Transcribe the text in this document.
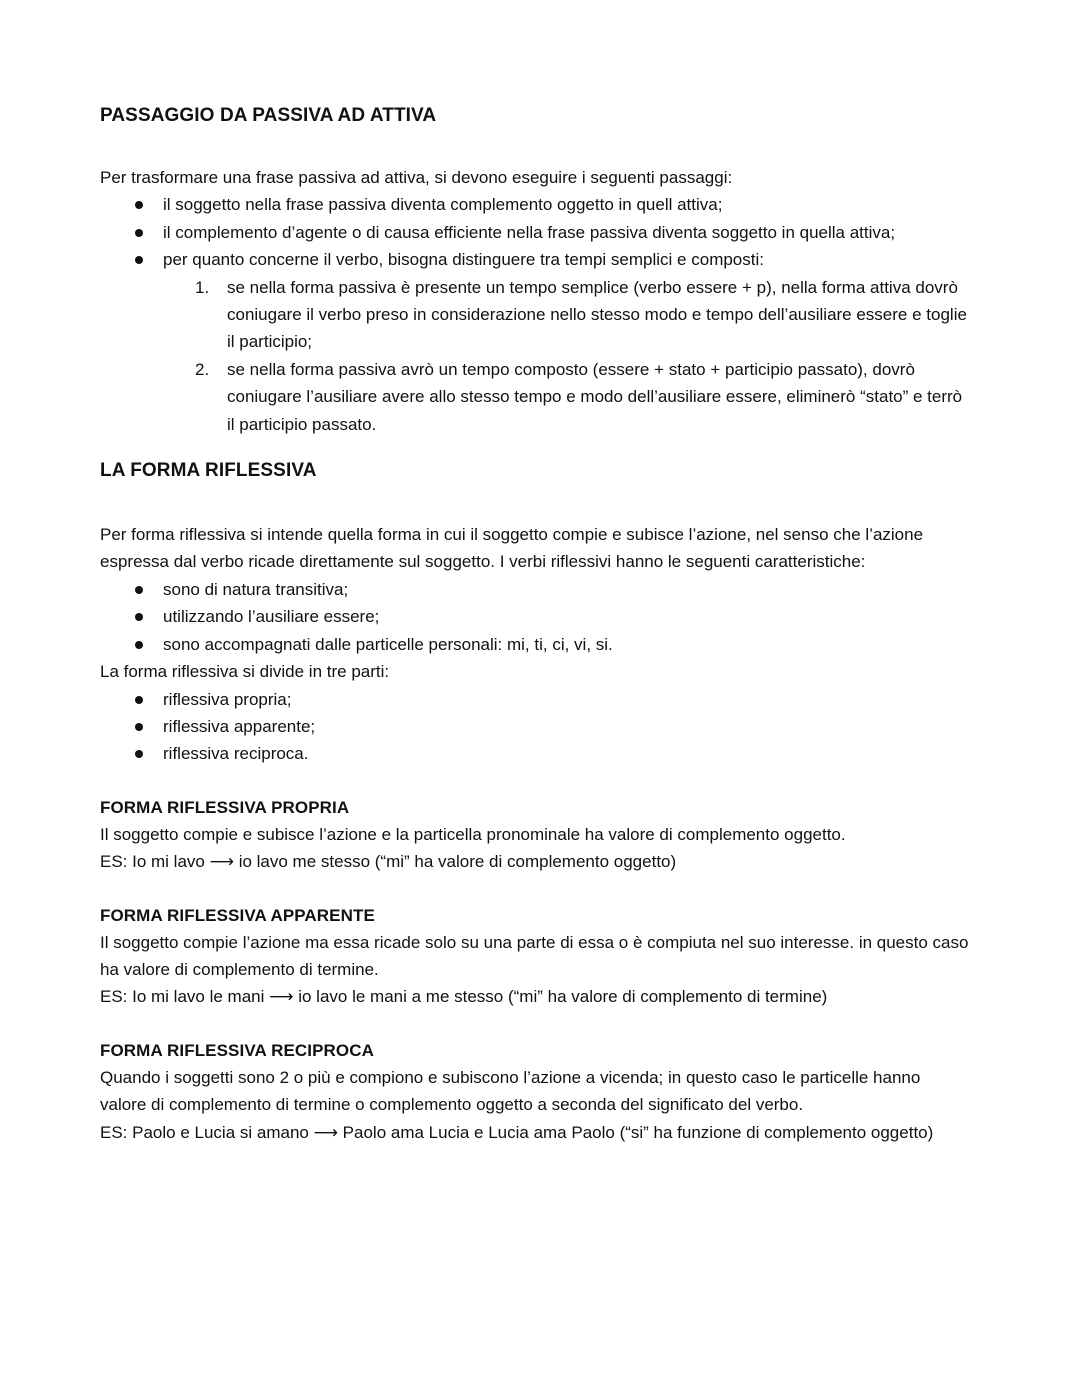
PASSAGGIO DA PASSIVA AD ATTIVA

Per trasformare una frase passiva ad attiva, si devono eseguire i seguenti passaggi:

il soggetto nella frase passiva diventa complemento oggetto in quell attiva;
il complemento d’agente o di causa efficiente nella frase passiva diventa soggetto in quella attiva;
per quanto concerne il verbo, bisogna distinguere tra tempi semplici e composti:
1. se nella forma passiva è presente un tempo semplice (verbo essere + p), nella forma attiva dovrò coniugare il verbo preso in considerazione nello stesso modo e tempo dell’ausiliare essere e toglie il participio;
2. se nella forma passiva avrò un tempo composto (essere + stato + participio passato), dovrò coniugare l’ausiliare avere allo stesso tempo e modo dell’ausiliare essere, eliminerò “stato” e terrò il participio passato.
LA FORMA RIFLESSIVA

Per forma riflessiva si intende quella forma in cui il soggetto compie e subisce l’azione, nel senso che l’azione espressa dal verbo ricade direttamente sul soggetto. I verbi riflessivi hanno le seguenti caratteristiche:

sono di natura transitiva;
utilizzando l’ausiliare essere;
sono accompagnati dalle particelle personali: mi, ti, ci, vi, si.

La forma riflessiva si divide in tre parti:

riflessiva propria;
riflessiva apparente;
riflessiva reciproca.
FORMA RIFLESSIVA PROPRIA

Il soggetto compie e subisce l’azione e la particella pronominale ha valore di complemento oggetto.

ES: Io mi lavo ⟶ io lavo me stesso (“mi” ha valore di complemento oggetto)

FORMA RIFLESSIVA APPARENTE

Il soggetto compie l’azione ma essa ricade solo su una parte di essa o è compiuta nel suo interesse. in questo caso ha valore di complemento di termine.

ES: Io mi lavo le mani ⟶ io lavo le mani a me stesso (“mi” ha valore di complemento di termine)

FORMA RIFLESSIVA RECIPROCA

Quando i soggetti sono 2 o più e compiono e subiscono l’azione a vicenda; in questo caso le particelle hanno valore di complemento di termine o complemento oggetto a seconda del significato del verbo.

ES: Paolo e Lucia si amano ⟶ Paolo ama Lucia e Lucia ama Paolo (“si” ha funzione di complemento oggetto)
